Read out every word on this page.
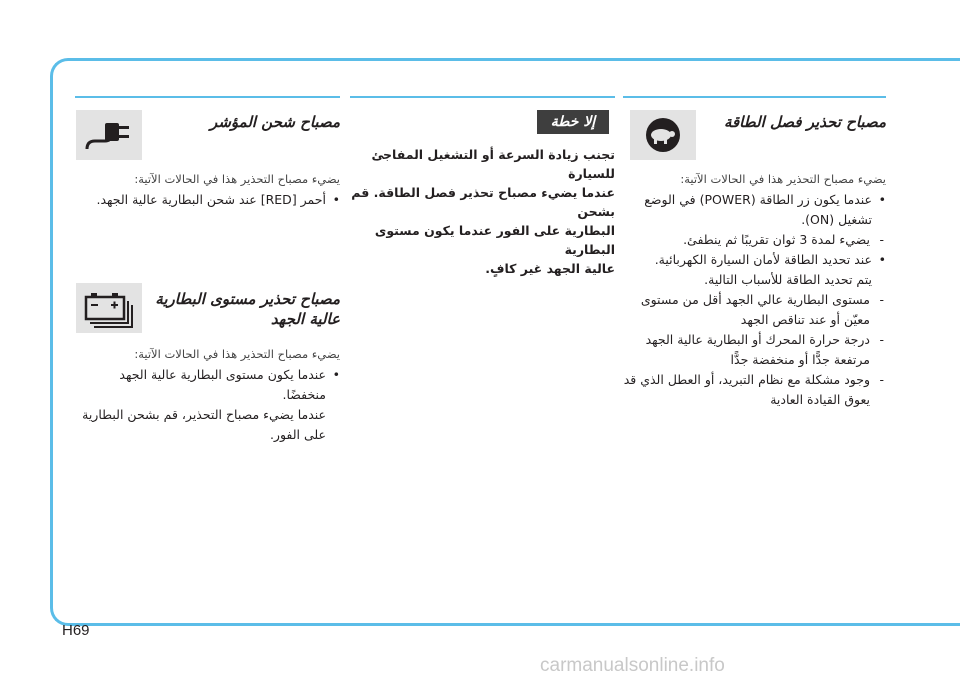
مصباح تحذير فصل الطاقة
يضيء مصباح التحذير هذا في الحالات الآتية:
• عندما يكون زر الطاقة (POWER) في الوضع تشغيل (ON).
- يضيء لمدة 3 ثوان تقريبًا ثم ينطفئ.
• عند تحديد الطاقة لأمان السيارة الكهربائية.
يتم تحديد الطاقة للأسباب التالية.
- مستوى البطارية عالي الجهد أقل من مستوى معيّن أو عند تناقص الجهد
- درجة حرارة المحرك أو البطارية عالية الجهد مرتفعة جدًّا أو منخفضة جدًّا
- وجود مشكلة مع نظام التبريد، أو العطل الذي قد يعوق القيادة العادية
إلا خطة
تجنب زيادة السرعة أو التشغيل المفاجئ للسيارة
عندما يضيء مصباح تحذير فصل الطاقة. قم بشحن
البطارية على الفور عندما يكون مستوى البطارية
عالية الجهد غير كافٍ.
مصباح شحن المؤشر
يضيء مصباح التحذير هذا في الحالات الآتية:
• أحمر [RED] عند شحن البطارية عالية الجهد.
مصباح تحذير مستوى البطارية عالية الجهد
يضيء مصباح التحذير هذا في الحالات الآتية:
• عندما يكون مستوى البطارية عالية الجهد منخفضًا.
عندما يضيء مصباح التحذير، قم بشحن البطارية على الفور.
H69
carmanualsonline.info
